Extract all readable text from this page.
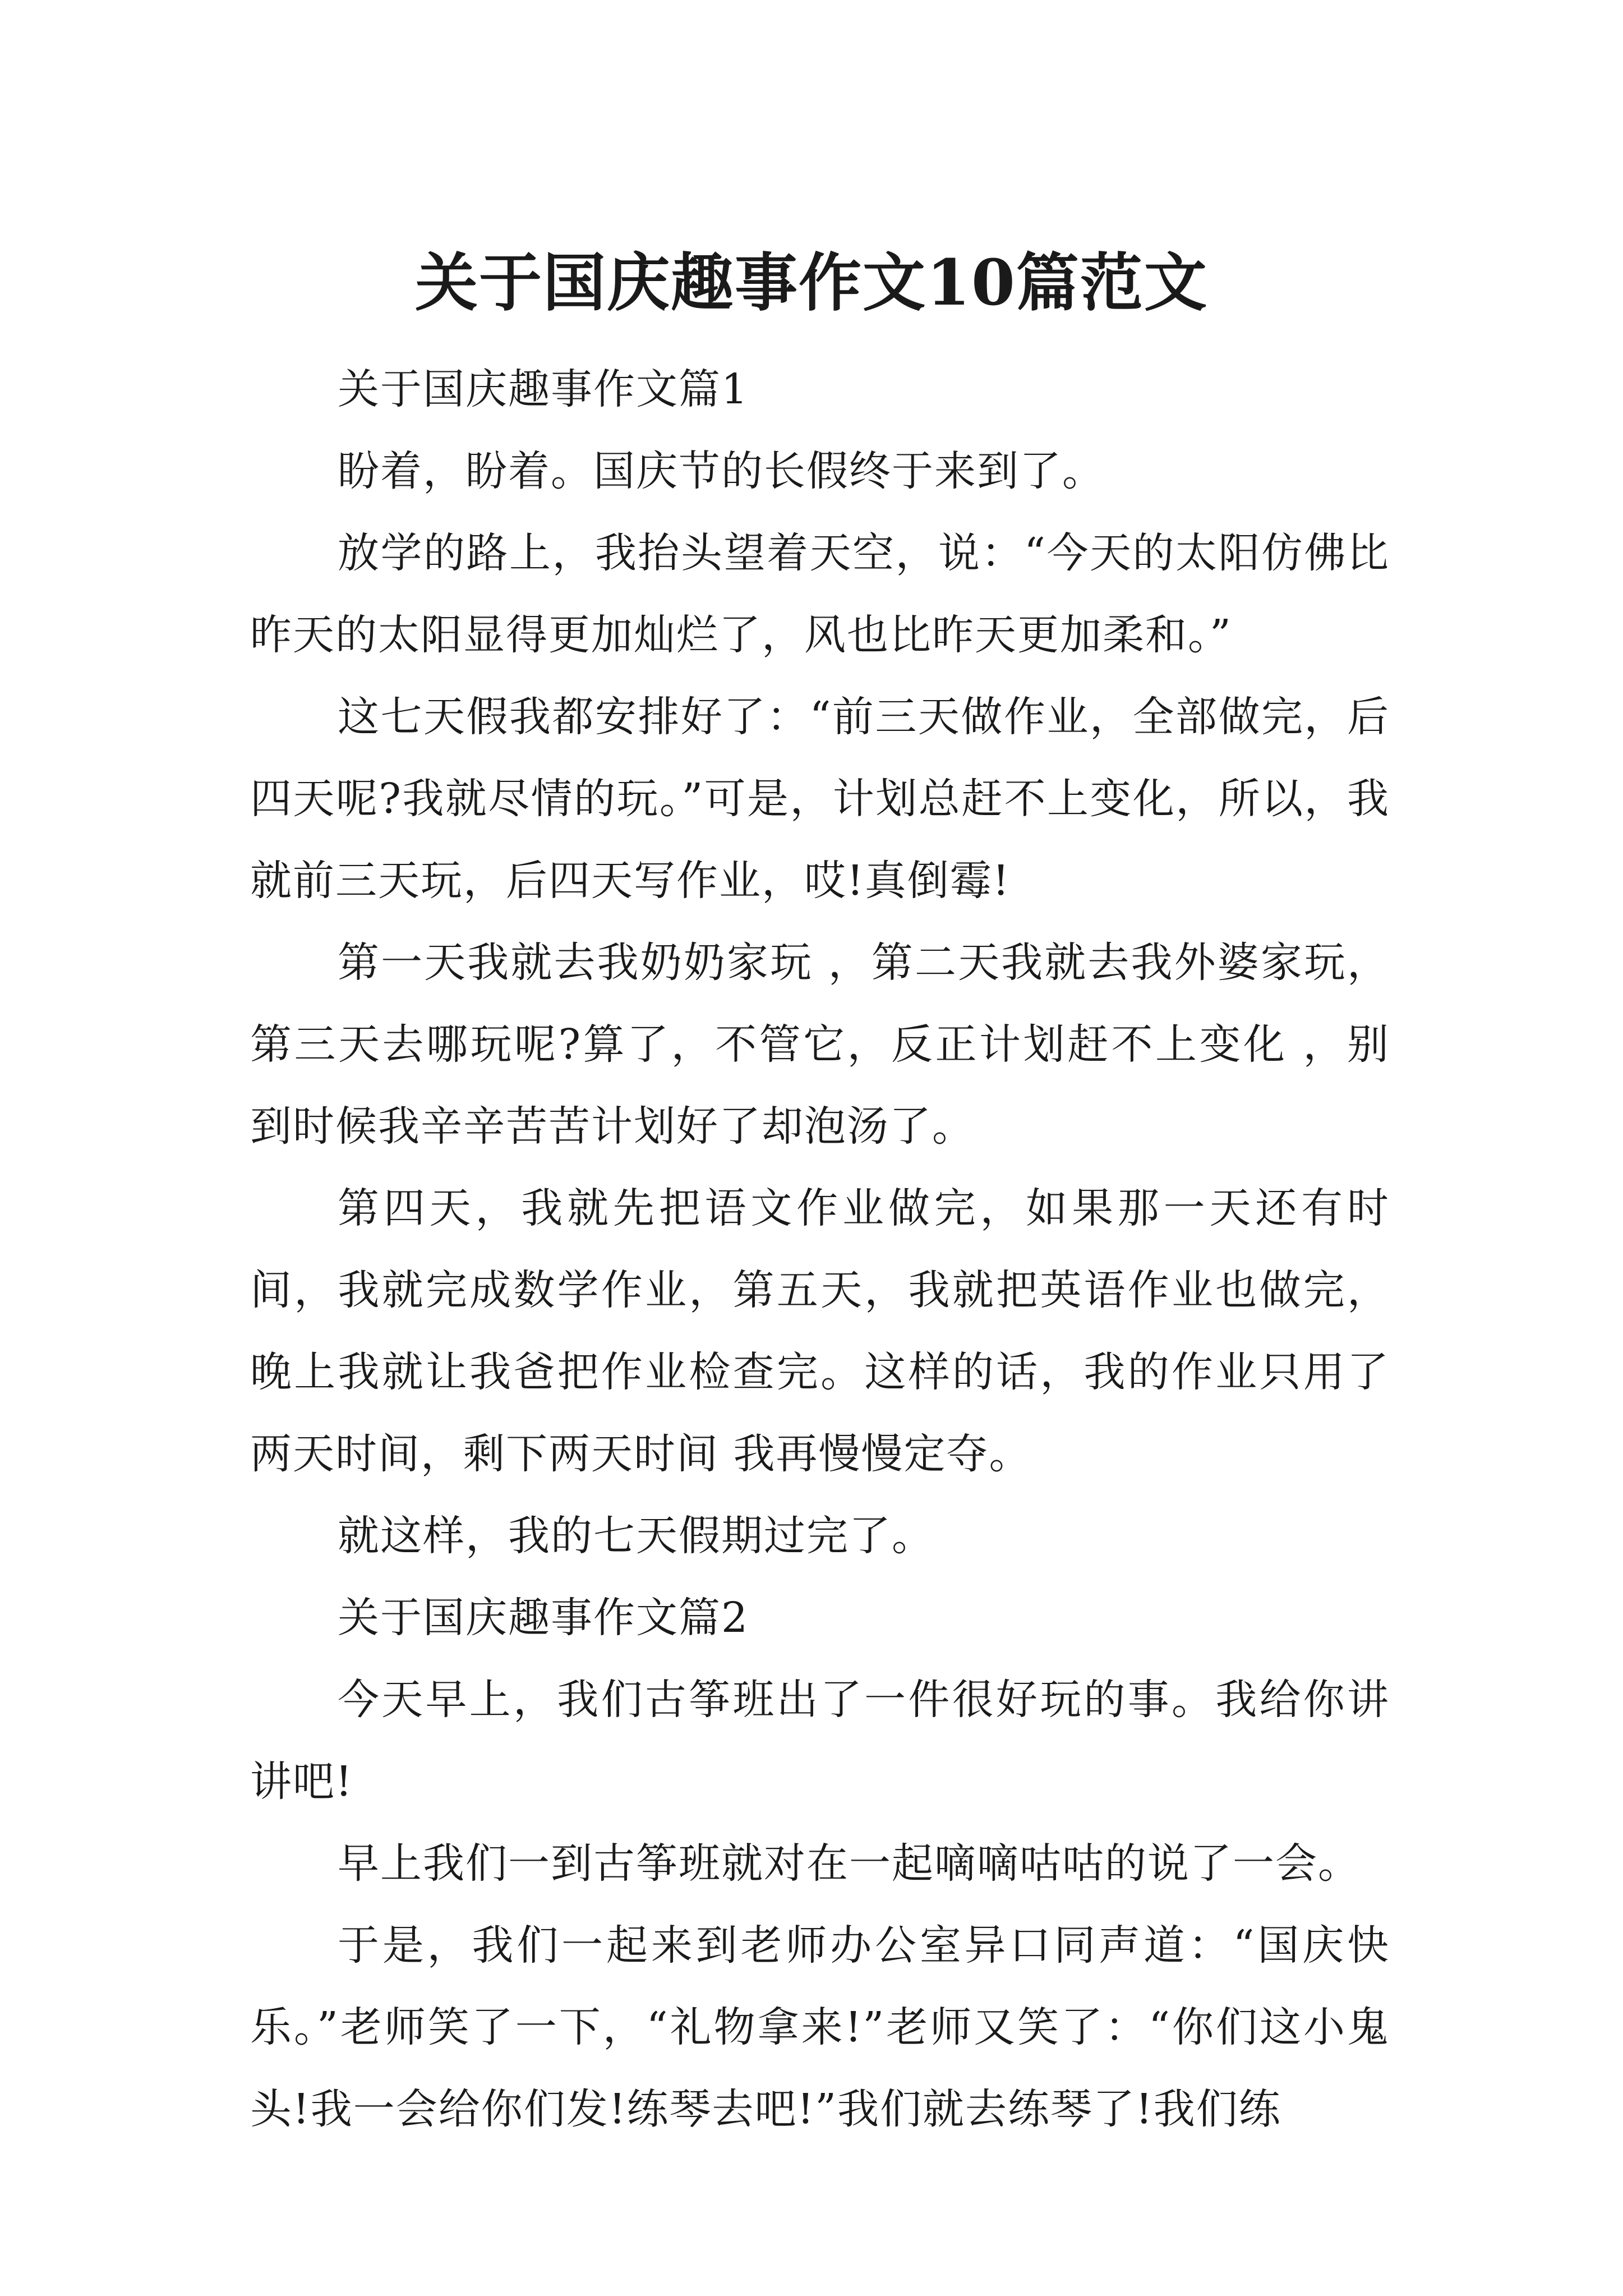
关于国庆趣事作文10篇范文

关于国庆趣事作文篇1

盼着，盼着。国庆节的长假终于来到了。

放学的路上，我抬头望着天空，说：“今天的太阳仿佛比昨天的太阳显得更加灿烂了，风也比昨天更加柔和。”

这七天假我都安排好了：“前三天做作业，全部做完，后四天呢?我就尽情的玩。”可是，计划总赶不上变化，所以，我就前三天玩，后四天写作业，哎!真倒霉!

第一天我就去我奶奶家玩 ，第二天我就去我外婆家玩，第三天去哪玩呢?算了，不管它，反正计划赶不上变化 ，别到时候我辛辛苦苦计划好了却泡汤了。

第四天，我就先把语文作业做完，如果那一天还有时间，我就完成数学作业，第五天，我就把英语作业也做完，晚上我就让我爸把作业检查完。这样的话，我的作业只用了两天时间，剩下两天时间 我再慢慢定夺。

就这样，我的七天假期过完了。

关于国庆趣事作文篇2

今天早上，我们古筝班出了一件很好玩的事。我给你讲讲吧!

早上我们一到古筝班就对在一起嘀嘀咕咕的说了一会。

于是，我们一起来到老师办公室异口同声道：“国庆快乐。”老师笑了一下，“礼物拿来!”老师又笑了：“你们这小鬼头!我一会给你们发!练琴去吧!”我们就去练琴了!我们练
